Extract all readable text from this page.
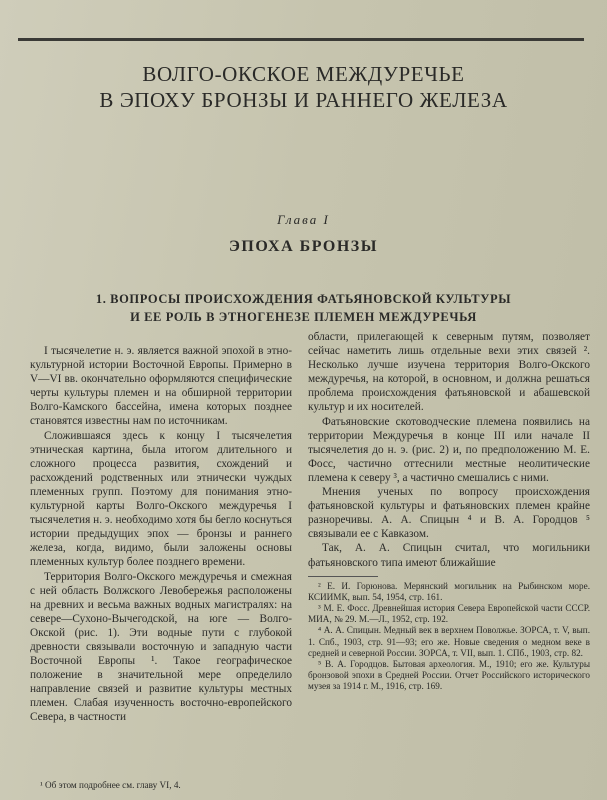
ВОЛГО-ОКСКОЕ МЕЖДУРЕЧЬЕ
В ЭПОХУ БРОНЗЫ И РАННЕГО ЖЕЛЕЗА
Глава I
ЭПОХА БРОНЗЫ
1. ВОПРОСЫ ПРОИСХОЖДЕНИЯ ФАТЬЯНОВСКОЙ КУЛЬТУРЫ
И ЕЕ РОЛЬ В ЭТНОГЕНЕЗЕ ПЛЕМЕН МЕЖДУРЕЧЬЯ

I тысячелетие н. э. является важной эпохой в этно-культурной истории Восточной Европы. Примерно в V—VI вв. окончательно оформляются специфические черты культуры племен и на обширной территории Волго-Камского бассейна, имена которых позднее становятся известны нам по источникам.

Сложившаяся здесь к концу I тысячелетия этническая картина, была итогом длительного и сложного процесса развития, схождений и расхождений родственных или этнически чуждых племенных групп. Поэтому для понимания этно-культурной карты Волго-Окского междуречья I тысячелетия н. э. необходимо хотя бы бегло коснуться истории предыдущих эпох — бронзы и раннего железа, когда, видимо, были заложены основы племенных культур более позднего времени.

Территория Волго-Окского междуречья и смежная с ней область Волжского Левобережья расположены на древних и весьма важных водных магистралях: на севере—Сухоно-Вычегодской, на юге — Волго-Окской (рис. 1). Эти водные пути с глубокой древности связывали восточную и западную части Восточной Европы ¹. Такое географическое положение в значительной мере определило направление связей и развитие культуры местных племен. Слабая изученность восточно-европейского Севера, в частности

¹ Об этом подробнее см. главу VI, 4.

области, прилегающей к северным путям, позволяет сейчас наметить лишь отдельные вехи этих связей ². Несколько лучше изучена территория Волго-Окского междуречья, на которой, в основном, и должна решаться проблема происхождения фатьяновской и абашевской культур и их носителей.

Фатьяновские скотоводческие племена появились на территории Междуречья в конце III или начале II тысячелетия до н. э. (рис. 2) и, по предположению М. Е. Фосс, частично оттеснили местные неолитические племена к северу ³, а частично смешались с ними.

Мнения ученых по вопросу происхождения фатьяновской культуры и фатьяновских племен крайне разноречивы. А. А. Спицын ⁴ и В. А. Городцов ⁵ связывали ее с Кавказом.

Так, А. А. Спицын считал, что могильники фатьяновского типа имеют ближайшие

² Е. И. Горюнова. Мерянский могильник на Рыбинском море. КСИИМК, вып. 54, 1954, стр. 161.
³ М. Е. Фосс. Древнейшая история Севера Европейской части СССР. МИА, № 29. М.—Л., 1952, стр. 192.
⁴ А. А. Спицын. Медный век в верхнем Поволжье. ЗОРСА, т. V, вып. 1. Спб., 1903, стр. 91—93; его же. Новые сведения о медном веке в средней и северной России. ЗОРСА, т. VII, вып. 1. СПб., 1903, стр. 82.
⁵ В. А. Городцов. Бытовая археология. М., 1910; его же. Культуры бронзовой эпохи в Средней России. Отчет Российского исторического музея за 1914 г. М., 1916, стр. 169.
